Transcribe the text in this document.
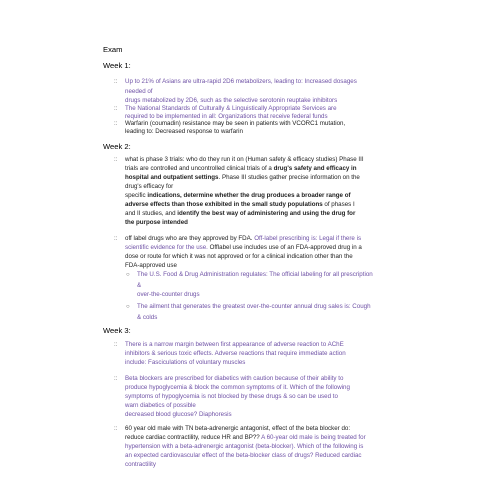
Exam
Week 1:
:: Up to 21% of Asians are ultra-rapid 2D6 metabolizers, leading to: Increased dosages
needed of
drugs metabolized by 2D6, such as the selective serotonin reuptake inhibitors
:: The National Standards of Culturally & Linguistically Appropriate Services are
required to be implemented in all: Organizations that receive federal funds
:: Warfarin (coumadin) resistance may be seen in patients with VCORC1 mutation,
leading to: Decreased response to warfarin
Week 2:
:: what is phase 3 trials: who do they run it on (Human safety & efficacy studies) Phase III
trials are controlled and uncontrolled clinical trials of a drug's safety and efficacy in
hospital and outpatient settings. Phase III studies gather precise information on the
drug's efficacy for
specific indications, determine whether the drug produces a broader range of
adverse effects than those exhibited in the small study populations of phases I
and II studies, and identify the best way of administering and using the drug for
the purpose intended
:: off label drugs who are they approved by FDA. Off-label prescribing is: Legal if there is
scientific evidence for the use. Offlabel use includes use of an FDA-approved drug in a
dose or route for which it was not approved or for a clinical indication other than the
FDA-approved use
○ The U.S. Food & Drug Administration regulates: The official labeling for all prescription
&
over-the-counter drugs
○ The ailment that generates the greatest over-the-counter annual drug sales is: Cough
& colds
Week 3:
:: There is a narrow margin between first appearance of adverse reaction to AChE
inhibitors & serious toxic effects. Adverse reactions that require immediate action
include: Fasciculations of voluntary muscles
:: Beta blockers are prescribed for diabetics with caution because of their ability to
produce hypoglycemia & block the common symptoms of it. Which of the following
symptoms of hypoglycemia is not blocked by these drugs & so can be used to
warn diabetics of possible
decreased blood glucose? Diaphoresis
:: 60 year old male with TN beta-adrenergic antagonist, effect of the beta blocker do:
reduce cardiac contractility, reduce HR and BP?? A 60-year old male is being treated for
hypertension with a beta-adrenergic antagonist (beta-blocker). Which of the following is
an expected cardiovascular effect of the beta-blocker class of drugs? Reduced cardiac
contractility
